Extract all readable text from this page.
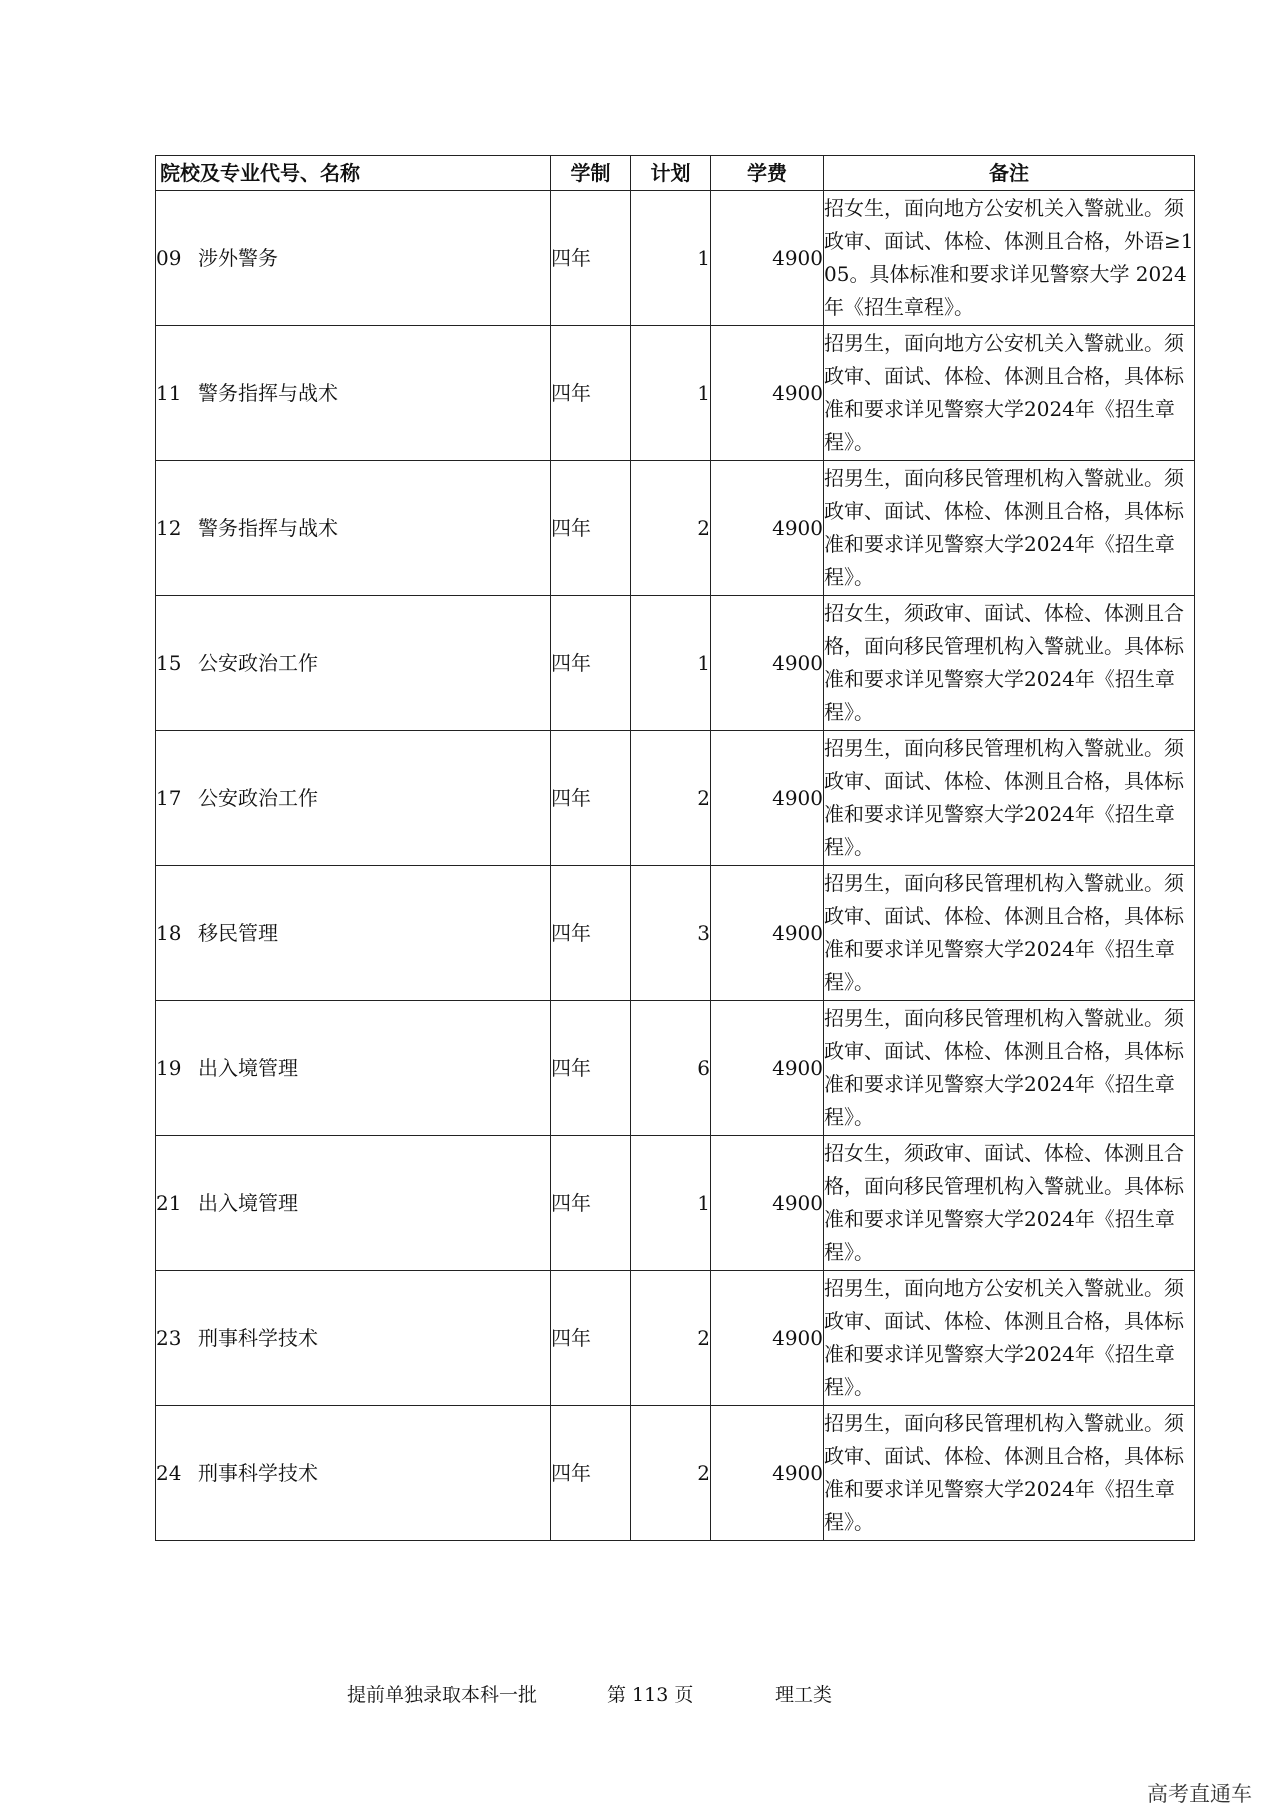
院校及专业代号、名称	学制	计划	学费	备注
09 涉外警务	四年	1	4900	招女生，面向地方公安机关入警就业。须政审、面试、体检、体测且合格，外语≥105。具体标准和要求详见警察大学 2024 年《招生章程》。
11 警务指挥与战术	四年	1	4900	招男生，面向地方公安机关入警就业。须政审、面试、体检、体测且合格，具体标准和要求详见警察大学2024年《招生章程》。
12 警务指挥与战术	四年	2	4900	招男生，面向移民管理机构入警就业。须政审、面试、体检、体测且合格，具体标准和要求详见警察大学2024年《招生章程》。
15 公安政治工作	四年	1	4900	招女生，须政审、面试、体检、体测且合格，面向移民管理机构入警就业。具体标准和要求详见警察大学2024年《招生章程》。
17 公安政治工作	四年	2	4900	招男生，面向移民管理机构入警就业。须政审、面试、体检、体测且合格，具体标准和要求详见警察大学2024年《招生章程》。
18 移民管理	四年	3	4900	招男生，面向移民管理机构入警就业。须政审、面试、体检、体测且合格，具体标准和要求详见警察大学2024年《招生章程》。
19 出入境管理	四年	6	4900	招男生，面向移民管理机构入警就业。须政审、面试、体检、体测且合格，具体标准和要求详见警察大学2024年《招生章程》。
21 出入境管理	四年	1	4900	招女生，须政审、面试、体检、体测且合格，面向移民管理机构入警就业。具体标准和要求详见警察大学2024年《招生章程》。
23 刑事科学技术	四年	2	4900	招男生，面向地方公安机关入警就业。须政审、面试、体检、体测且合格，具体标准和要求详见警察大学2024年《招生章程》。
24 刑事科学技术	四年	2	4900	招男生，面向移民管理机构入警就业。须政审、面试、体检、体测且合格，具体标准和要求详见警察大学2024年《招生章程》。
提前单独录取本科一批	第 113 页	理工类
高考直通车
